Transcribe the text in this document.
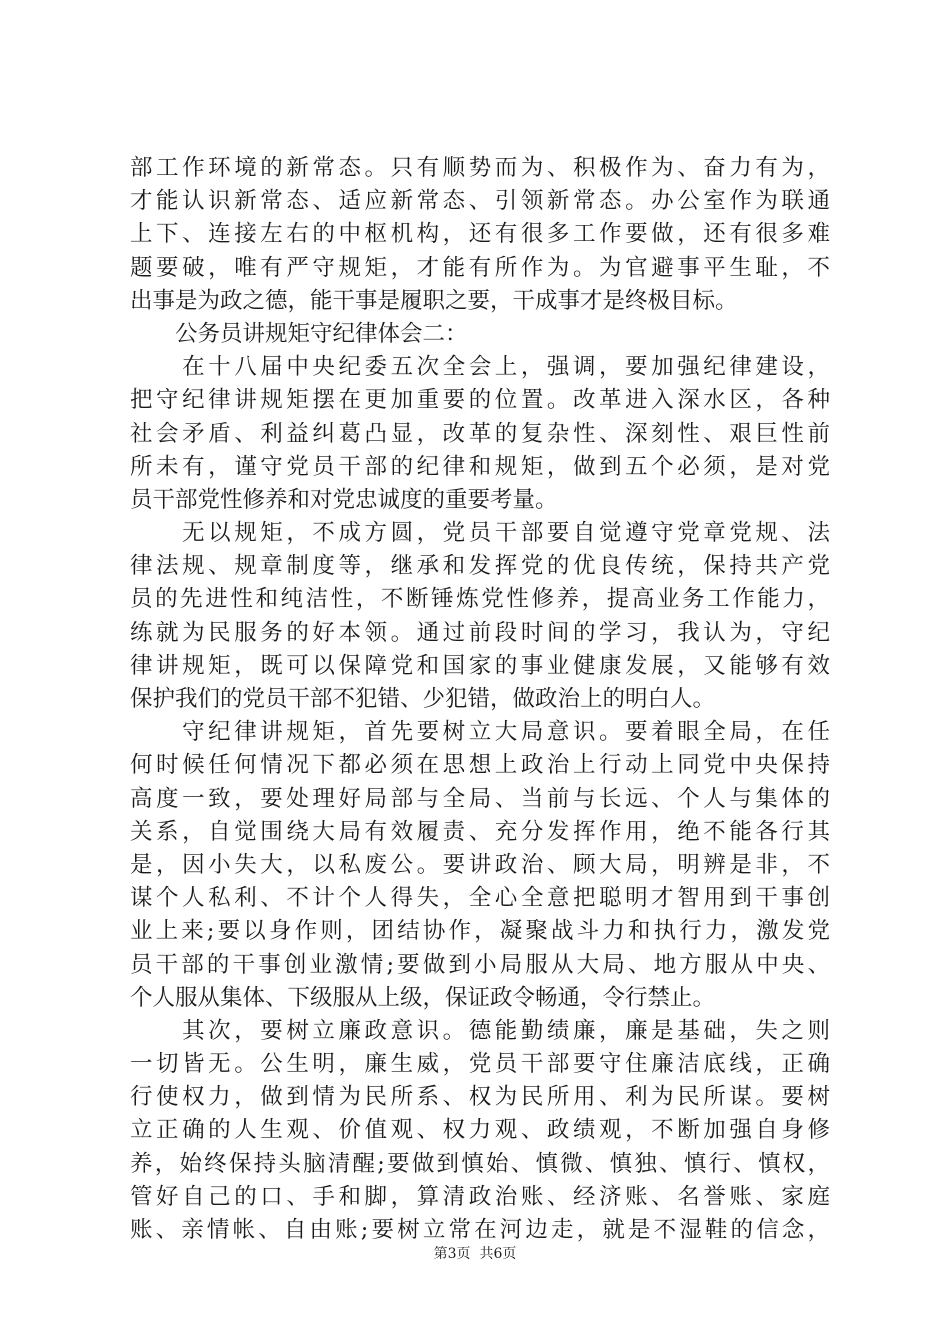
部工作环境的新常态。只有顺势而为、积极作为、奋力有为，
才能认识新常态、适应新常态、引领新常态。办公室作为联通
上下、连接左右的中枢机构，还有很多工作要做，还有很多难
题要破，唯有严守规矩，才能有所作为。为官避事平生耻，不
出事是为政之德，能干事是履职之要，干成事才是终极目标。
　　公务员讲规矩守纪律体会二：
　　在十八届中央纪委五次全会上，强调，要加强纪律建设，
把守纪律讲规矩摆在更加重要的位置。改革进入深水区，各种
社会矛盾、利益纠葛凸显，改革的复杂性、深刻性、艰巨性前
所未有，谨守党员干部的纪律和规矩，做到五个必须，是对党
员干部党性修养和对党忠诚度的重要考量。
　　无以规矩，不成方圆，党员干部要自觉遵守党章党规、法
律法规、规章制度等，继承和发挥党的优良传统，保持共产党
员的先进性和纯洁性，不断锤炼党性修养，提高业务工作能力，
练就为民服务的好本领。通过前段时间的学习，我认为，守纪
律讲规矩，既可以保障党和国家的事业健康发展，又能够有效
保护我们的党员干部不犯错、少犯错，做政治上的明白人。
　　守纪律讲规矩，首先要树立大局意识。要着眼全局，在任
何时候任何情况下都必须在思想上政治上行动上同党中央保持
高度一致，要处理好局部与全局、当前与长远、个人与集体的
关系，自觉围绕大局有效履责、充分发挥作用，绝不能各行其
是，因小失大，以私废公。要讲政治、顾大局，明辨是非，不
谋个人私利、不计个人得失，全心全意把聪明才智用到干事创
业上来;要以身作则，团结协作，凝聚战斗力和执行力，激发党
员干部的干事创业激情;要做到小局服从大局、地方服从中央、
个人服从集体、下级服从上级，保证政令畅通，令行禁止。
　　其次，要树立廉政意识。德能勤绩廉，廉是基础，失之则
一切皆无。公生明，廉生威，党员干部要守住廉洁底线，正确
行使权力，做到情为民所系、权为民所用、利为民所谋。要树
立正确的人生观、价值观、权力观、政绩观，不断加强自身修
养，始终保持头脑清醒;要做到慎始、慎微、慎独、慎行、慎权，
管好自己的口、手和脚，算清政治账、经济账、名誉账、家庭
账、亲情帐、自由账;要树立常在河边走，就是不湿鞋的信念，
第3页  共6页
